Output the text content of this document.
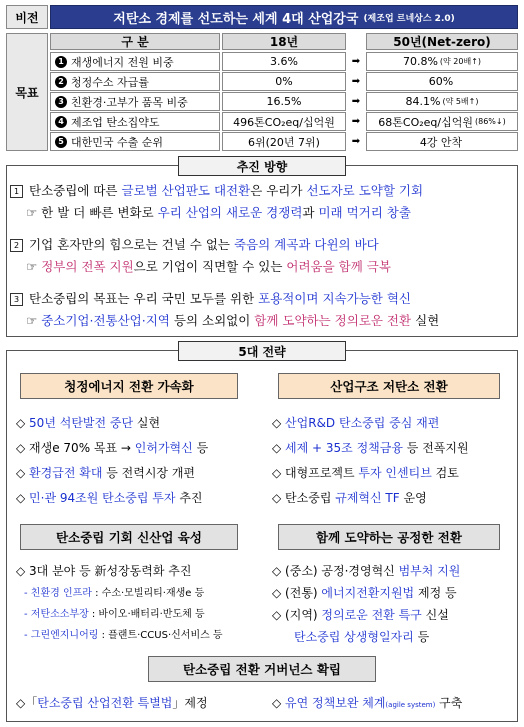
비전	저탄소 경제를 선도하는 세계 4대 산업강국 (제조업 르네상스 2.0)
목표
구 분	18년	50년(Net-zero)
1 재생에너지 전원 비중	3.6%	➡	70.8% (약 20배↑)
2 청정수소 자급률	0%	➡	60%
3 친환경·고부가 품목 비중	16.5%	➡	84.1% (약 5배↑)
4 제조업 탄소집약도	496톤CO₂eq/십억원	➡	68톤CO₂eq/십억원 (86%↓)
5 대한민국 수출 순위	6위(20년 7위)	➡	4강 안착
추진 방향
1 탄소중립에 따른 글로벌 산업판도 대전환은 우리가 선도자로 도약할 기회
☞ 한 발 더 빠른 변화로 우리 산업의 새로운 경쟁력과 미래 먹거리 창출
2 기업 혼자만의 힘으로는 건널 수 없는 죽음의 계곡과 다윈의 바다
☞ 정부의 전폭 지원으로 기업이 직면할 수 있는 어려움을 함께 극복
3 탄소중립의 목표는 우리 국민 모두를 위한 포용적이며 지속가능한 혁신
☞ 중소기업·전통산업·지역 등의 소외없이 함께 도약하는 정의로운 전환 실현
5대 전략
청정에너지 전환 가속화
◇ 50년 석탄발전 중단 실현
◇ 재생e 70% 목표 → 인허가혁신 등
◇ 환경급전 확대 등 전력시장 개편
◇ 민·관 94조원 탄소중립 투자 추진
산업구조 저탄소 전환
◇ 산업R&D 탄소중립 중심 재편
◇ 세제 + 35조 정책금융 등 전폭지원
◇ 대형프로젝트 투자 인센티브 검토
◇ 탄소중립 규제혁신 TF 운영
탄소중립 기회 신산업 육성
◇ 3대 분야 등 新성장동력화 추진
- 친환경 인프라 : 수소·모빌리티·재생e 등
- 저탄소소부장 : 바이오·배터리·반도체 등
- 그린엔지니어링 : 플랜트·CCUS·신서비스 등
함께 도약하는 공정한 전환
◇ (중소) 공정·경영혁신 범부처 지원
◇ (전통) 에너지전환지원법 제정 등
◇ (지역) 정의로운 전환 특구 신설
탄소중립 상생형일자리 등
탄소중립 전환 거버넌스 확립
◇「탄소중립 산업전환 특별법」제정	◇ 유연 정책보완 체계(agile system) 구축
